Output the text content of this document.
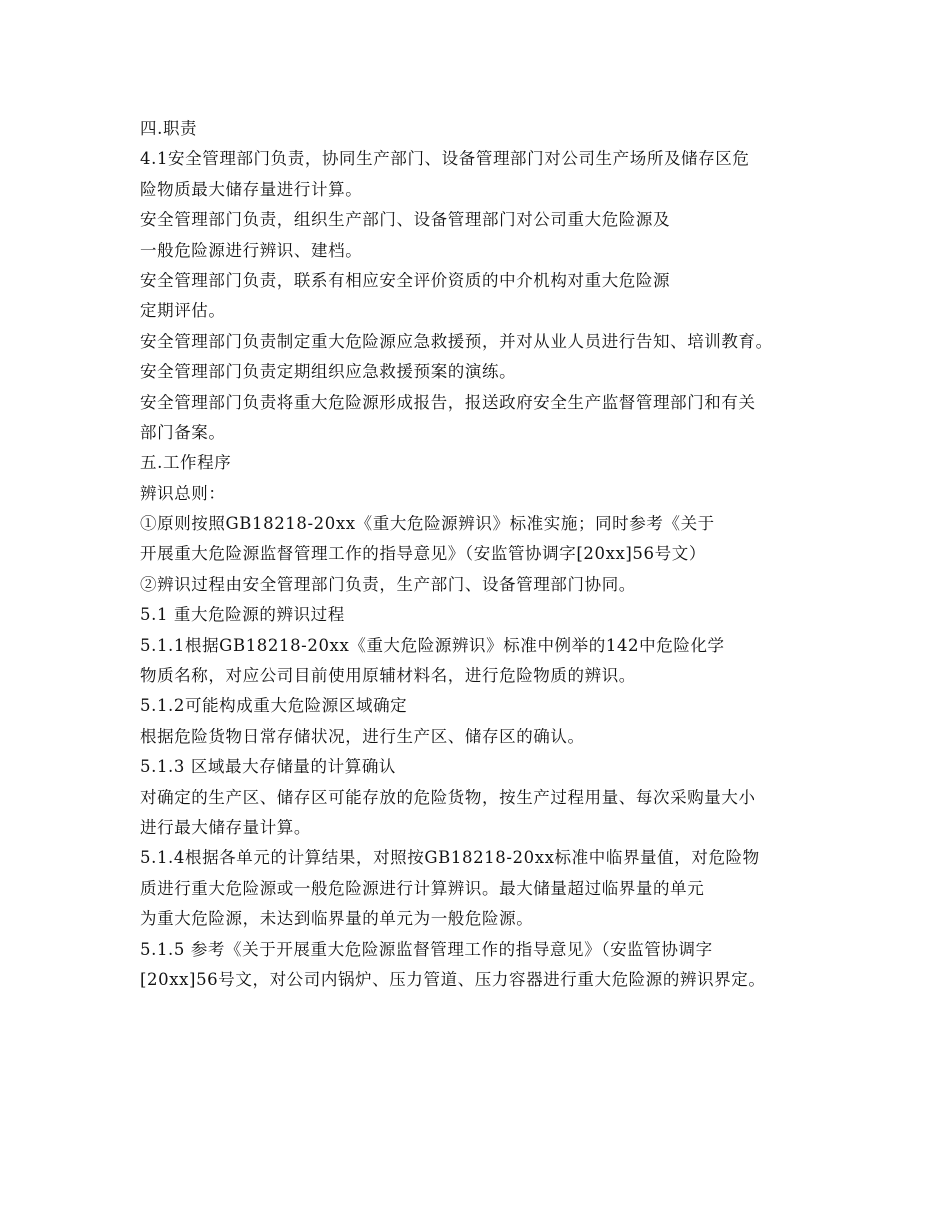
四.职责
4.1安全管理部门负责，协同生产部门、设备管理部门对公司生产场所及储存区危
险物质最大储存量进行计算。
安全管理部门负责，组织生产部门、设备管理部门对公司重大危险源及
一般危险源进行辨识、建档。
安全管理部门负责，联系有相应安全评价资质的中介机构对重大危险源
定期评估。
安全管理部门负责制定重大危险源应急救援预，并对从业人员进行告知、培训教育。
安全管理部门负责定期组织应急救援预案的演练。
安全管理部门负责将重大危险源形成报告，报送政府安全生产监督管理部门和有关
部门备案。
五.工作程序
辨识总则：
①原则按照GB18218-20xx《重大危险源辨识》标准实施；同时参考《关于
开展重大危险源监督管理工作的指导意见》（安监管协调字[20xx]56号文）
②辨识过程由安全管理部门负责，生产部门、设备管理部门协同。
5.1 重大危险源的辨识过程
5.1.1根据GB18218-20xx《重大危险源辨识》标准中例举的142中危险化学
物质名称，对应公司目前使用原辅材料名，进行危险物质的辨识。
5.1.2可能构成重大危险源区域确定
根据危险货物日常存储状况，进行生产区、储存区的确认。
5.1.3 区域最大存储量的计算确认
对确定的生产区、储存区可能存放的危险货物，按生产过程用量、每次采购量大小
进行最大储存量计算。
5.1.4根据各单元的计算结果，对照按GB18218-20xx标准中临界量值，对危险物
质进行重大危险源或一般危险源进行计算辨识。最大储量超过临界量的单元
为重大危险源，未达到临界量的单元为一般危险源。
5.1.5 参考《关于开展重大危险源监督管理工作的指导意见》（安监管协调字
[20xx]56号文，对公司内锅炉、压力管道、压力容器进行重大危险源的辨识界定。
